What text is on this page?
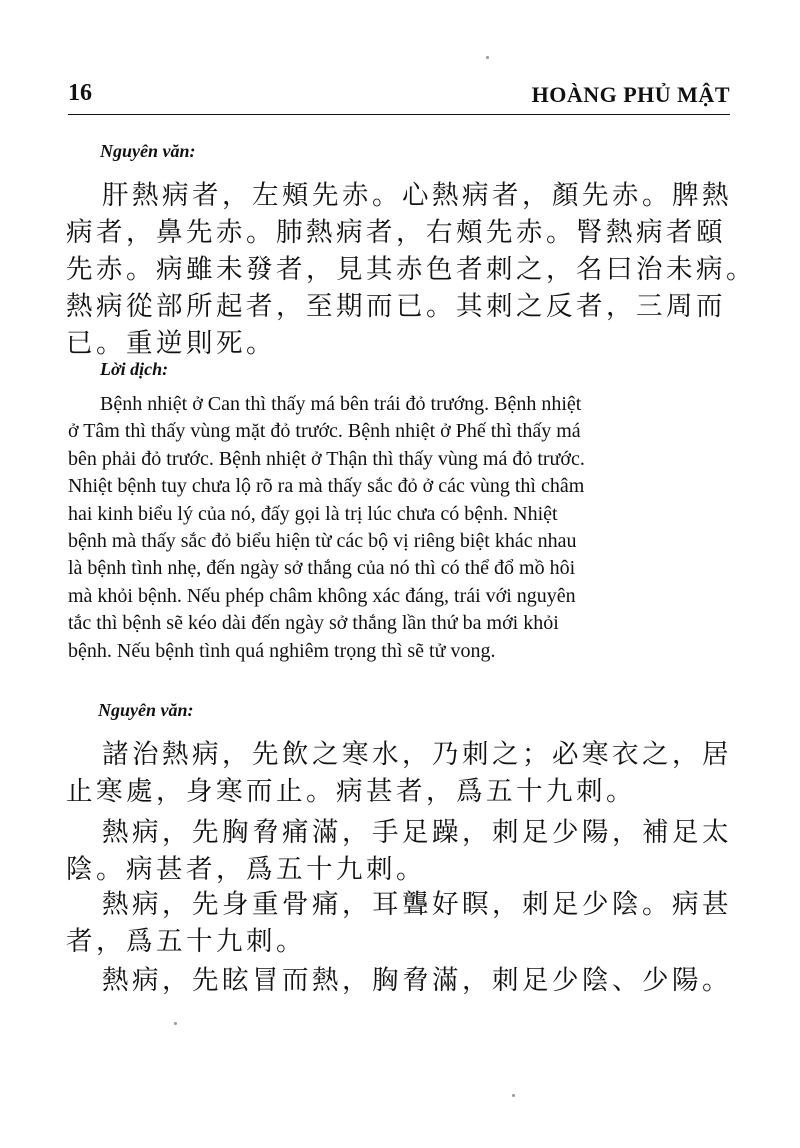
16	HOÀNG PHỦ MẬT
Nguyên văn:
肝熱病者，左頰先赤。心熱病者，顏先赤。脾熱
病者，鼻先赤。肺熱病者，右頰先赤。腎熱病者頤
先赤。病雖未發者，見其赤色者刺之，名曰治未病。
熱病從部所起者，至期而已。其刺之反者，三周而
已。重逆則死。
Lời dịch:
Bệnh nhiệt ở Can thì thấy má bên trái đỏ trướng. Bệnh nhiệt
ở Tâm thì thấy vùng mặt đỏ trước. Bệnh nhiệt ở Phế thì thấy má
bên phải đỏ trước. Bệnh nhiệt ở Thận thì thấy vùng má đỏ trước.
Nhiệt bệnh tuy chưa lộ rõ ra mà thấy sắc đỏ ở các vùng thì châm
hai kinh biểu lý của nó, đấy gọi là trị lúc chưa có bệnh. Nhiệt
bệnh mà thấy sắc đỏ biểu hiện từ các bộ vị riêng biệt khác nhau
là bệnh tình nhẹ, đến ngày sở thắng của nó thì có thể đổ mồ hôi
mà khỏi bệnh. Nếu phép châm không xác đáng, trái với nguyên
tắc thì bệnh sẽ kéo dài đến ngày sở thắng lần thứ ba mới khỏi
bệnh. Nếu bệnh tình quá nghiêm trọng thì sẽ tử vong.
Nguyên văn:
諸治熱病，先飲之寒水，乃刺之；必寒衣之，居
止寒處，身寒而止。病甚者，爲五十九刺。
熱病，先胸脅痛滿，手足躁，刺足少陽，補足太
陰。病甚者，爲五十九刺。
熱病，先身重骨痛，耳聾好瞑，刺足少陰。病甚
者，爲五十九刺。
熱病，先眩冒而熱，胸脅滿，刺足少陰、少陽。
